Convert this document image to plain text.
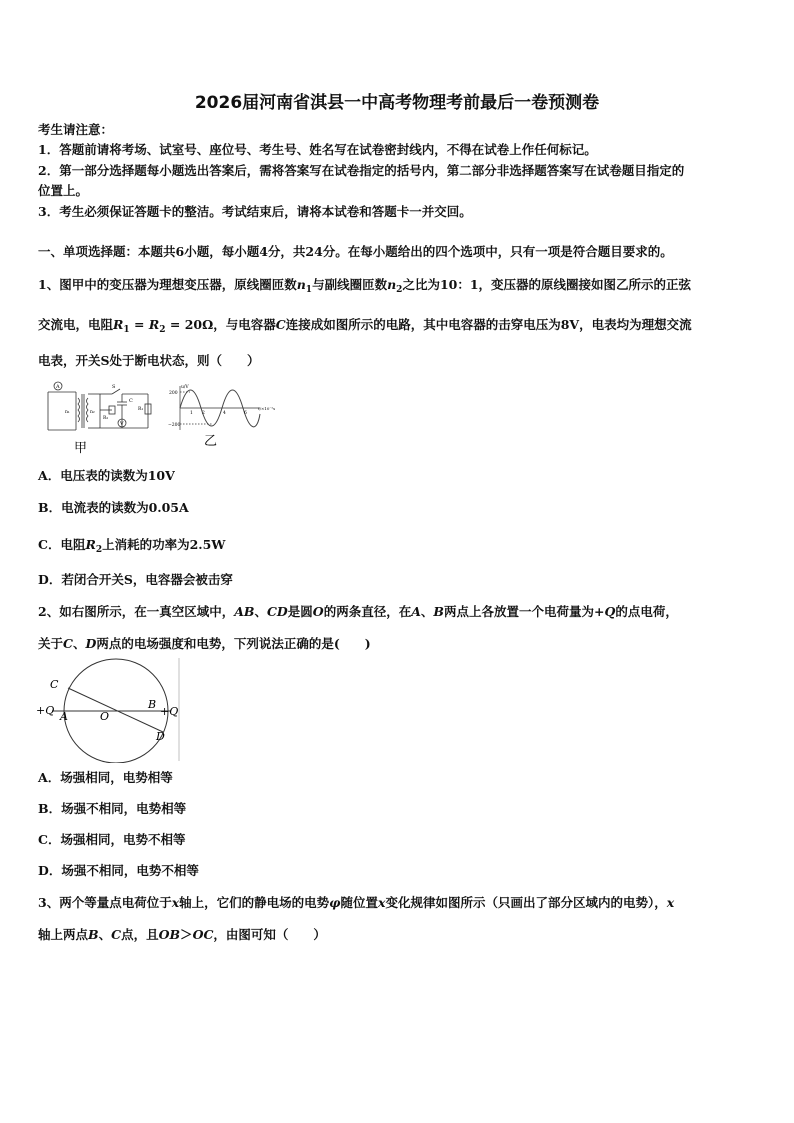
2026届河南省淇县一中高考物理考前最后一卷预测卷
考生请注意：
1．答题前请将考场、试室号、座位号、考生号、姓名写在试卷密封线内，不得在试卷上作任何标记。
2．第一部分选择题每小题选出答案后，需将答案写在试卷指定的括号内，第二部分非选择题答案写在试卷题目指定的
位置上。
3．考生必须保证答题卡的整洁。考试结束后，请将本试卷和答题卡一并交回。
一、单项选择题：本题共6小题，每小题4分，共24分。在每小题给出的四个选项中，只有一项是符合题目要求的。
1、图甲中的变压器为理想变压器，原线圈匝数$n_1$与副线圈匝数$n_2$之比为10：1，变压器的原线圈接如图乙所示的正弦
交流电，电阻$R_1 = R_2 = 20\Omega$，与电容器C连接成如图所示的电路，其中电容器的击穿电压为8V，电表均为理想交流
电表，开关S处于断电状态，则（　　）
A
V
S
C
R₁
R₂
n₁	n₂
甲
u/V
200
−200
1 2	4	6
t/×10⁻²s
乙
A．电压表的读数为10V
B．电流表的读数为0.05A
C．电阻$R_2$上消耗的功率为2.5W
D．若闭合开关S，电容器会被击穿
2、如右图所示，在一真空区域中，AB、CD是圆O的两条直径，在A、B两点上各放置一个电荷量为+Q的点电荷，
关于C、D两点的电场强度和电势，下列说法正确的是(　　)
C
+Q A	O
B
+Q
D
A．场强相同，电势相等
B．场强不相同，电势相等
C．场强相同，电势不相等
D．场强不相同，电势不相等
3、两个等量点电荷位于x轴上，它们的静电场的电势φ随位置x变化规律如图所示（只画出了部分区域内的电势），x
轴上两点B、C点，且OB＞OC，由图可知（　　）
